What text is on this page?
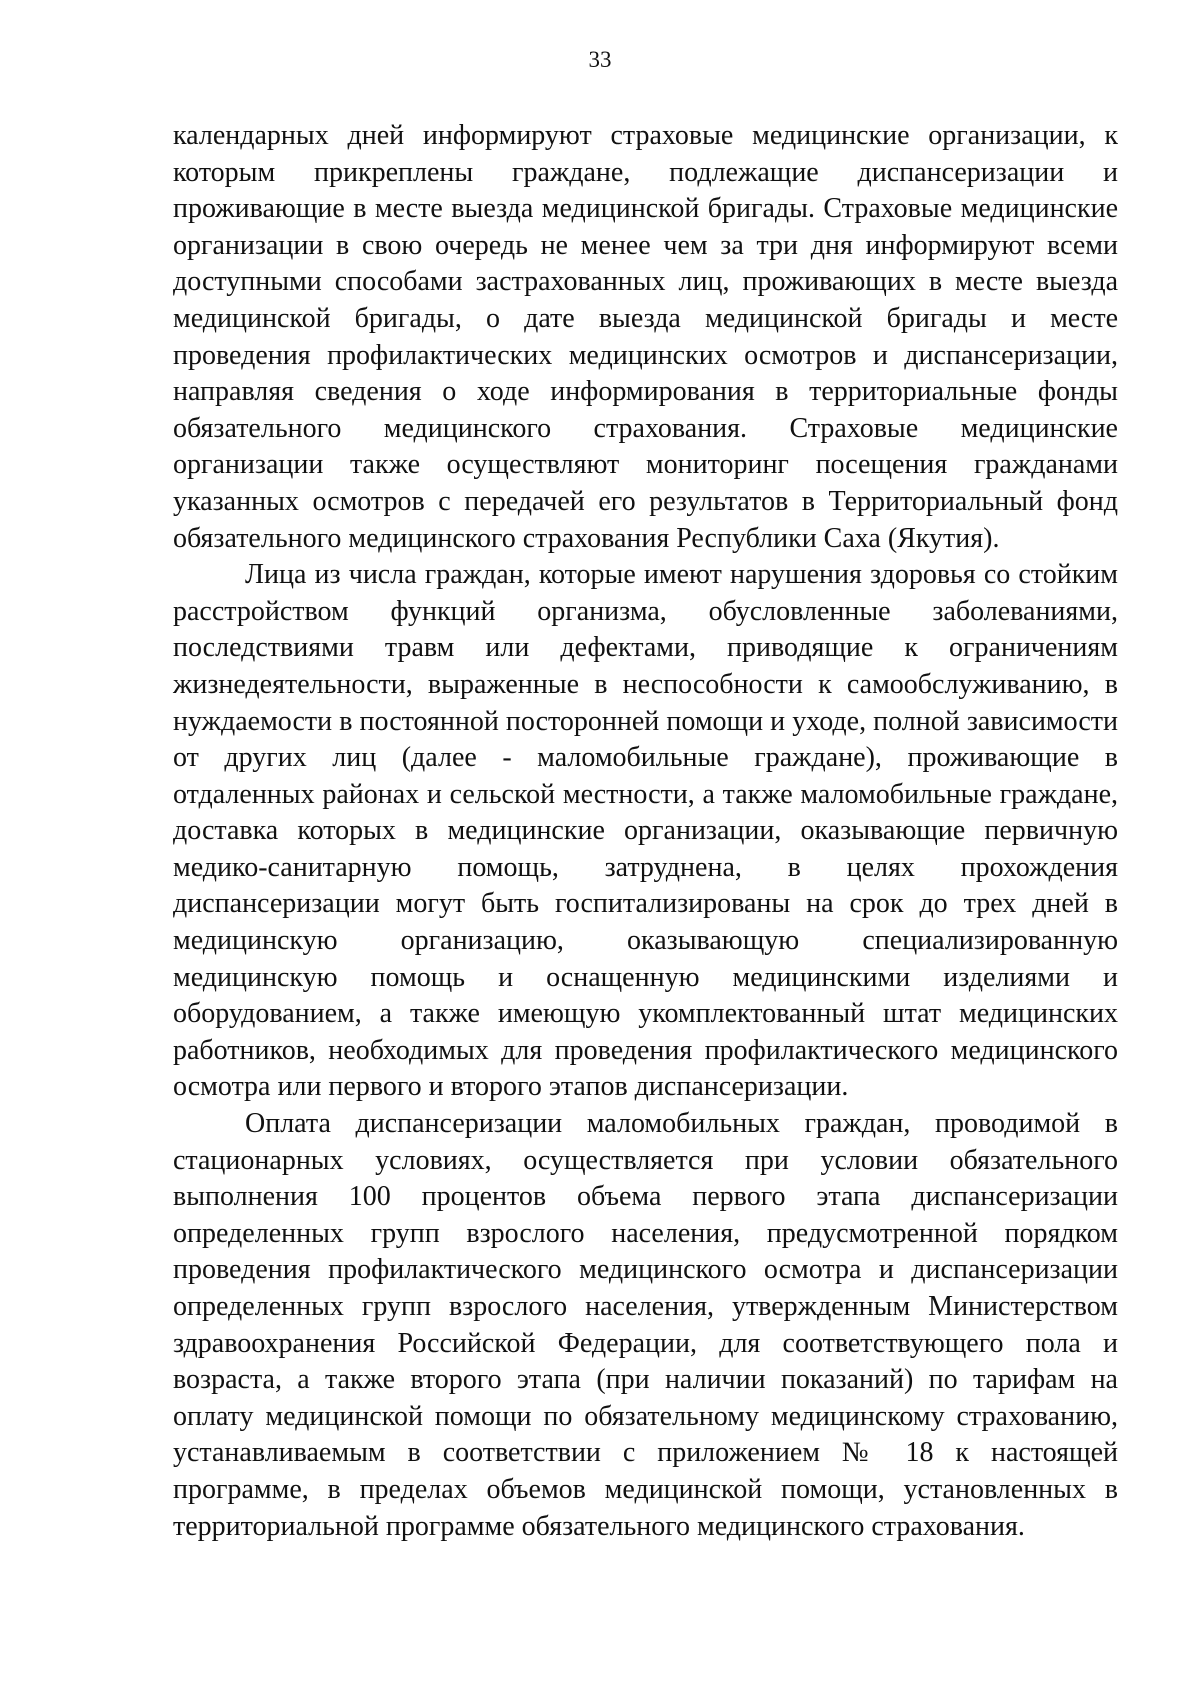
33

календарных дней информируют страховые медицинские организации, к которым прикреплены граждане, подлежащие диспансеризации и проживающие в месте выезда медицинской бригады. Страховые медицинские организации в свою очередь не менее чем за три дня информируют всеми доступными способами застрахованных лиц, проживающих в месте выезда медицинской бригады, о дате выезда медицинской бригады и месте проведения профилактических медицинских осмотров и диспансеризации, направляя сведения о ходе информирования в территориальные фонды обязательного медицинского страхования. Страховые медицинские организации также осуществляют мониторинг посещения гражданами указанных осмотров с передачей его результатов в Территориальный фонд обязательного медицинского страхования Республики Саха (Якутия).

Лица из числа граждан, которые имеют нарушения здоровья со стойким расстройством функций организма, обусловленные заболеваниями, последствиями травм или дефектами, приводящие к ограничениям жизнедеятельности, выраженные в неспособности к самообслуживанию, в нуждаемости в постоянной посторонней помощи и уходе, полной зависимости от других лиц (далее - маломобильные граждане), проживающие в отдаленных районах и сельской местности, а также маломобильные граждане, доставка которых в медицинские организации, оказывающие первичную медико-санитарную помощь, затруднена, в целях прохождения диспансеризации могут быть госпитализированы на срок до трех дней в медицинскую организацию, оказывающую специализированную медицинскую помощь и оснащенную медицинскими изделиями и оборудованием, а также имеющую укомплектованный штат медицинских работников, необходимых для проведения профилактического медицинского осмотра или первого и второго этапов диспансеризации.

Оплата диспансеризации маломобильных граждан, проводимой в стационарных условиях, осуществляется при условии обязательного выполнения 100 процентов объема первого этапа диспансеризации определенных групп взрослого населения, предусмотренной порядком проведения профилактического медицинского осмотра и диспансеризации определенных групп взрослого населения, утвержденным Министерством здравоохранения Российской Федерации, для соответствующего пола и возраста, а также второго этапа (при наличии показаний) по тарифам на оплату медицинской помощи по обязательному медицинскому страхованию, устанавливаемым в соответствии с приложением № 18 к настоящей программе, в пределах объемов медицинской помощи, установленных в территориальной программе обязательного медицинского страхования.
